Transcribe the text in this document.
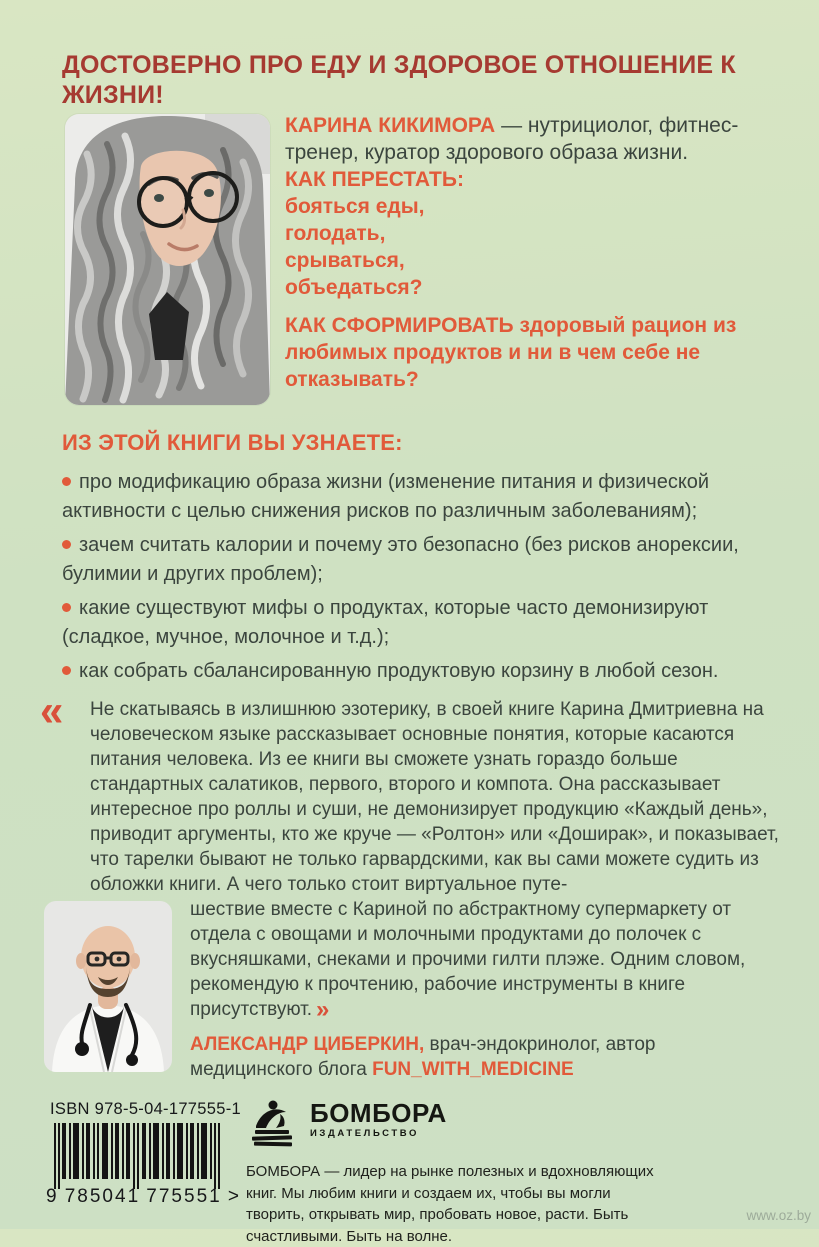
ДОСТОВЕРНО ПРО ЕДУ И ЗДОРОВОЕ ОТНОШЕНИЕ К ЖИЗНИ!

КАРИНА КИКИМОРА — нутрициолог, фитнес-тренер, куратор здорового образа жизни.

КАК ПЕРЕСТАТЬ:

бояться еды,
голодать,
срываться,
объедаться?

КАК СФОРМИРОВАТЬ здоровый рацион из любимых продуктов и ни в чем себе не отказывать?

ИЗ ЭТОЙ КНИГИ ВЫ УЗНАЕТЕ:

про модификацию образа жизни (изменение питания и физической активности с целью снижения рисков по различным заболеваниям);

зачем считать калории и почему это безопасно (без рисков анорексии, булимии и других проблем);

какие существуют мифы о продуктах, которые часто демонизируют (сладкое, мучное, молочное и т.д.);

как собрать сбалансированную продуктовую корзину в любой сезон.

« Не скатываясь в излишнюю эзотерику, в своей книге Карина Дмитриевна на человеческом языке рассказывает основные понятия, которые касаются питания человека. Из ее книги вы сможете узнать гораздо больше стандартных салатиков, первого, второго и компота. Она рассказывает интересное про роллы и суши, не демонизирует продукцию «Каждый день», приводит аргументы, кто же круче — «Ролтон» или «Доширак», и показывает, что тарелки бывают не только гарвардскими, как вы сами можете судить из обложки книги. А чего только стоит виртуальное путе-

шествие вместе с Кариной по абстрактному супермаркету от отдела с овощами и молочными продуктами до полочек с вкусняшками, снеками и прочими гилти плэже. Одним словом, рекомендую к прочтению, рабочие инструменты в книге присутствуют. »

АЛЕКСАНДР ЦИБЕРКИН, врач-эндокринолог, автор медицинского блога FUN_WITH_MEDICINE

ISBN 978-5-04-177555-1

9 785041 775551 >
БОМБОРА
ИЗДАТЕЛЬСТВО
БОМБОРА — лидер на рынке полезных и вдохновляющих книг. Мы любим книги и создаем их, чтобы вы могли творить, открывать мир, пробовать новое, расти. Быть счастливыми. Быть на волне.
www.oz.by
